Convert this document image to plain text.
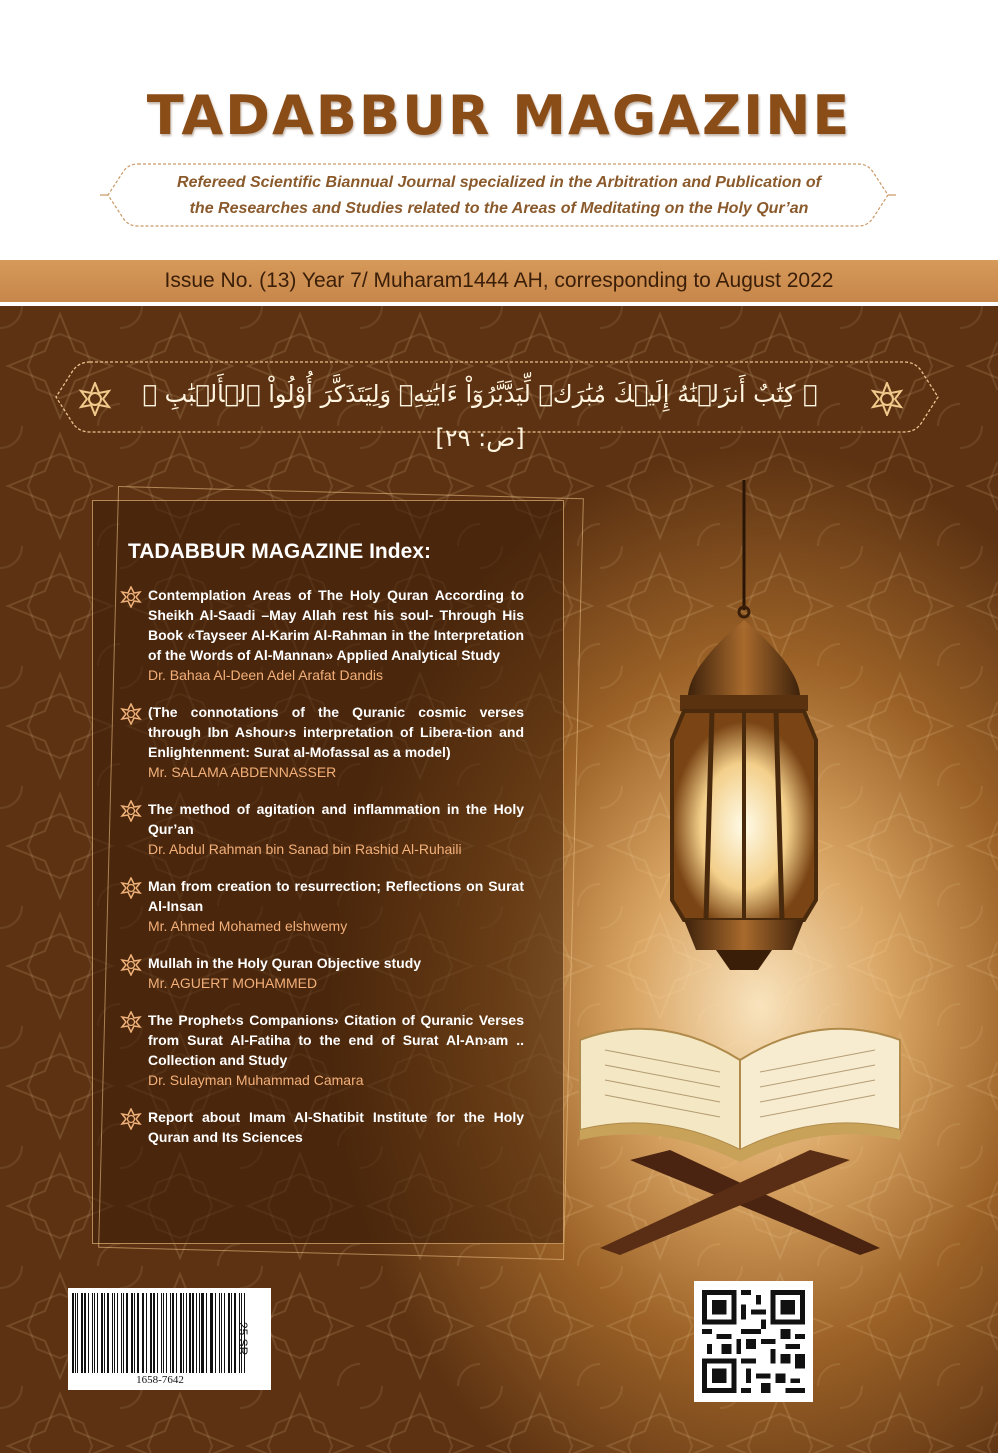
TADABBUR MAGAZINE
Refereed Scientific Biannual Journal specialized in the Arbitration and Publication of
the Researches and Studies related to the Areas of Meditating on the Holy Qur’an
Issue No. (13) Year 7/ Muharam1444 AH, corresponding to August 2022
﴿ كِتَٰبٌ أَنزَلۡنَٰهُ إِلَيۡكَ مُبَٰرَكٞ لِّيَدَّبَّرُوٓاْ ءَايَٰتِهِۦ وَلِيَتَذَكَّرَ أُوْلُواْ ٱلۡأَلۡبَٰبِ ﴾ [ص: ٢٩]
TADABBUR MAGAZINE Index:
Contemplation Areas of The Holy Quran According to Sheikh Al-Saadi –May Allah rest his soul- Through His Book «Tayseer Al-Karim Al-Rahman in the Interpretation of the Words of Al-Mannan» Applied Analytical Study
Dr. Bahaa Al-Deen Adel Arafat Dandis
(The connotations of the Quranic cosmic verses through Ibn Ashour›s interpretation of Libera-tion and Enlightenment: Surat al-Mofassal as a model)
Mr. SALAMA ABDENNASSER
The method of agitation and inflammation in the Holy Qur’an
Dr. Abdul Rahman bin Sanad bin Rashid Al-Ruhaili
Man from creation to resurrection; Reflections on Surat Al-Insan
Mr. Ahmed Mohamed elshwemy
Mullah in the Holy Quran Objective study
Mr. AGUERT MOHAMMED
The Prophet›s Companions› Citation of Quranic Verses from Surat Al-Fatiha to the end of Surat Al-An›am .. Collection and Study
Dr. Sulayman Muhammad Camara
Report about Imam Al-Shatibit Institute for the Holy Quran and Its Sciences
1658-7642
25 SR
